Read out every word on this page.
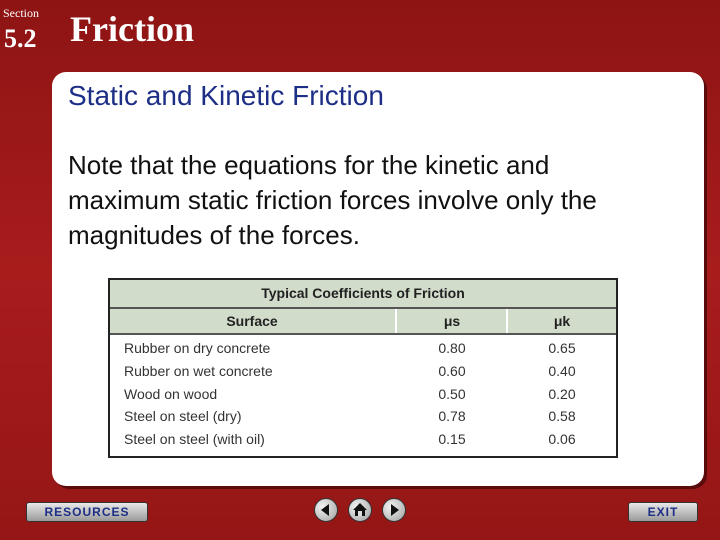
Section
5.2 Friction
Static and Kinetic Friction
Note that the equations for the kinetic and maximum static friction forces involve only the magnitudes of the forces.
Typical Coefficients of Friction
Surface	μs	μk
Rubber on dry concrete	0.80	0.65
Rubber on wet concrete	0.60	0.40
Wood on wood	0.50	0.20
Steel on steel (dry)	0.78	0.58
Steel on steel (with oil)	0.15	0.06
RESOURCES	EXIT
